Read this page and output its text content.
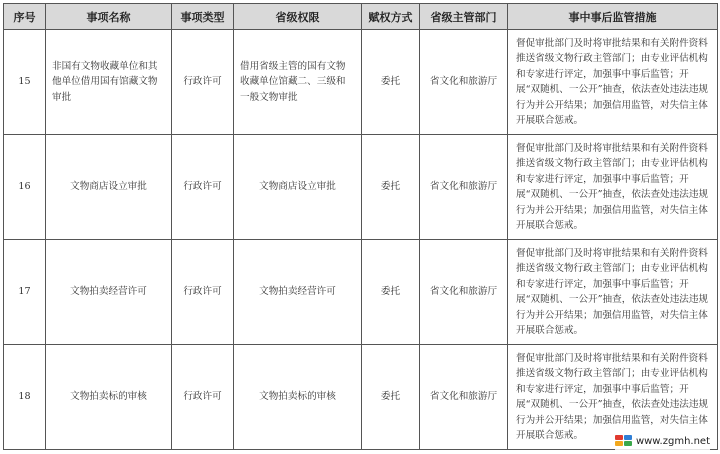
序号	事项名称	事项类型	省级权限	赋权方式	省级主管部门	事中事后监管措施
15	非国有文物收藏单位和其他单位借用国有馆藏文物审批	行政许可	借用省级主管的国有文物收藏单位馆藏二、三级和一般文物审批	委托	省文化和旅游厅	督促审批部门及时将审批结果和有关附件资料推送省级文物行政主管部门；由专业评估机构和专家进行评定，加强事中事后监管；开展“双随机、一公开”抽查，依法查处违法违规行为并公开结果；加强信用监管，对失信主体开展联合惩戒。
16	文物商店设立审批	行政许可	文物商店设立审批	委托	省文化和旅游厅	督促审批部门及时将审批结果和有关附件资料推送省级文物行政主管部门；由专业评估机构和专家进行评定，加强事中事后监管；开展“双随机、一公开”抽查，依法查处违法违规行为并公开结果；加强信用监管，对失信主体开展联合惩戒。
17	文物拍卖经营许可	行政许可	文物拍卖经营许可	委托	省文化和旅游厅	督促审批部门及时将审批结果和有关附件资料推送省级文物行政主管部门；由专业评估机构和专家进行评定，加强事中事后监管；开展“双随机、一公开”抽查，依法查处违法违规行为并公开结果；加强信用监管，对失信主体开展联合惩戒。
18	文物拍卖标的审核	行政许可	文物拍卖标的审核	委托	省文化和旅游厅	督促审批部门及时将审批结果和有关附件资料推送省级文物行政主管部门；由专业评估机构和专家进行评定，加强事中事后监管；开展“双随机、一公开”抽查，依法查处违法违规行为并公开结果；加强信用监管，对失信主体开展联合惩戒。	www.zgmh.net
